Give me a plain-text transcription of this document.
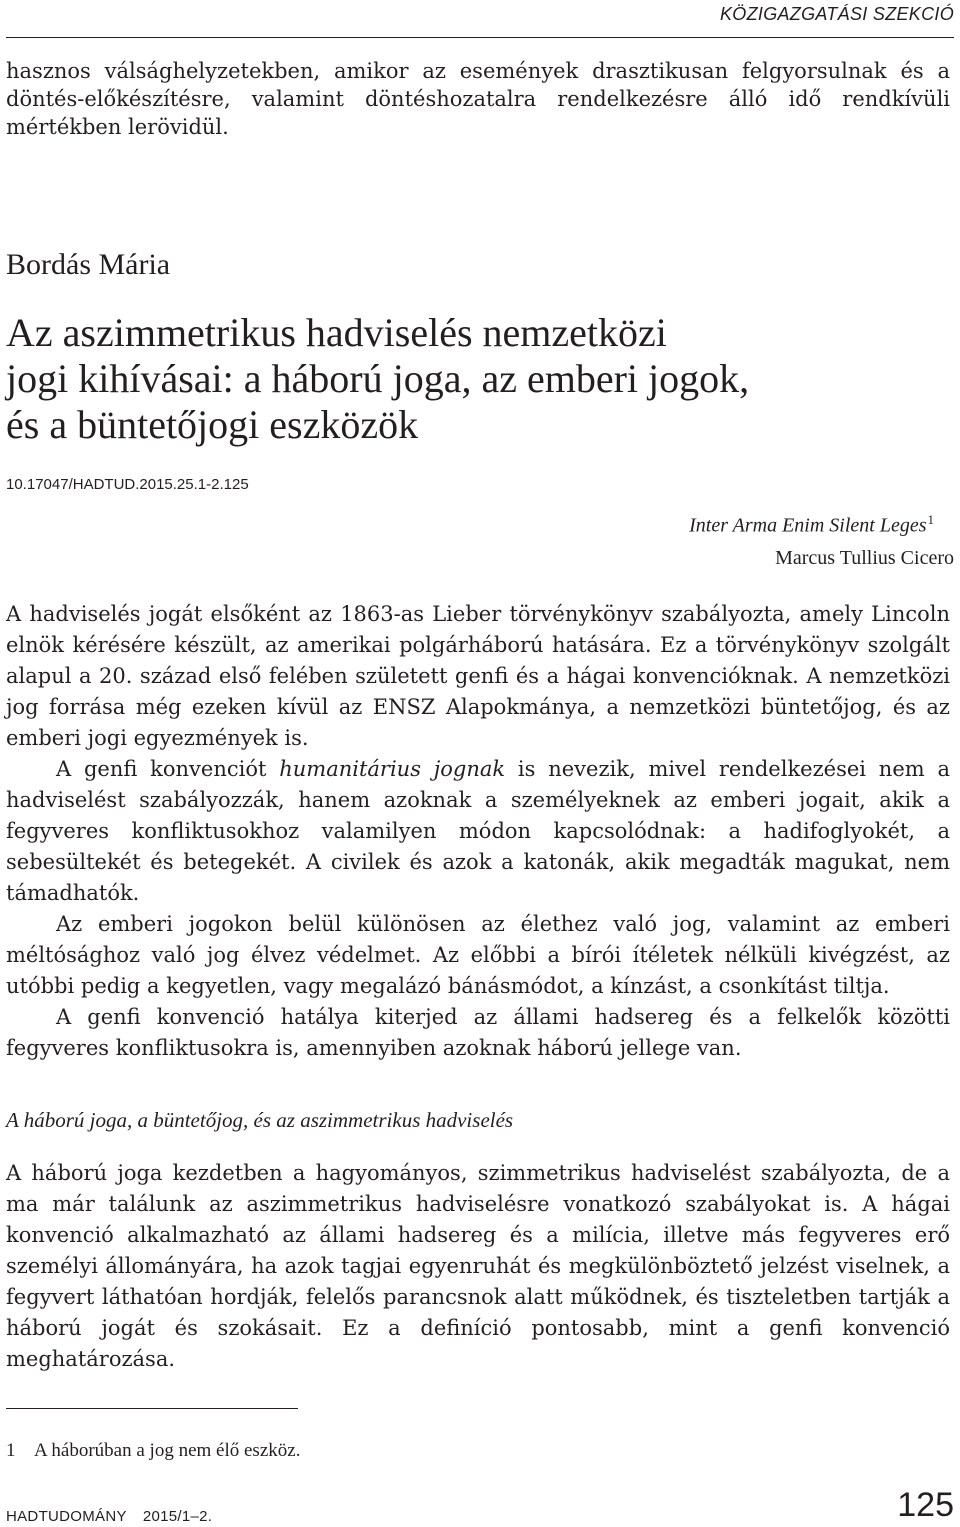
KÖZIGAZGATÁSI SZEKCIÓ

hasznos válsághelyzetekben, amikor az események drasztikusan felgyorsulnak és a döntés-előkészítésre, valamint döntéshozatalra rendelkezésre álló idő rendkívüli mértékben lerövidül.

Bordás Mária
Az aszimmetrikus hadviselés nemzetközi
jogi kihívásai: a háború joga, az emberi jogok,
és a büntetőjogi eszközök
10.17047/HADTUD.2015.25.1-2.125
Inter Arma Enim Silent Leges$^1$
Marcus Tullius Cicero

A hadviselés jogát elsőként az 1863-as Lieber törvénykönyv szabályozta, amely Lincoln elnök kérésére készült, az amerikai polgárháború hatására. Ez a törvénykönyv szolgált alapul a 20. század első felében született genfi és a hágai konvencióknak. A nemzetközi jog forrása még ezeken kívül az ENSZ Alapokmánya, a nemzetközi büntetőjog, és az emberi jogi egyezmények is.

A genfi konvenciót humanitárius jognak is nevezik, mivel rendelkezései nem a hadviselést szabályozzák, hanem azoknak a személyeknek az emberi jogait, akik a fegyveres konfliktusokhoz valamilyen módon kapcsolódnak: a hadifoglyokét, a sebesültekét és betegekét. A civilek és azok a katonák, akik megadták magukat, nem támadhatók.

Az emberi jogokon belül különösen az élethez való jog, valamint az emberi méltósághoz való jog élvez védelmet. Az előbbi a bírói ítéletek nélküli kivégzést, az utóbbi pedig a kegyetlen, vagy megalázó bánásmódot, a kínzást, a csonkítást tiltja.

A genfi konvenció hatálya kiterjed az állami hadsereg és a felkelők közötti fegyveres konfliktusokra is, amennyiben azoknak háború jellege van.

A háború joga, a büntetőjog, és az aszimmetrikus hadviselés

A háború joga kezdetben a hagyományos, szimmetrikus hadviselést szabályozta, de a ma már találunk az aszimmetrikus hadviselésre vonatkozó szabályokat is. A hágai konvenció alkalmazható az állami hadsereg és a milícia, illetve más fegyveres erő személyi állományára, ha azok tagjai egyenruhát és megkülönböztető jelzést viselnek, a fegyvert láthatóan hordják, felelős parancsnok alatt működnek, és tiszteletben tartják a háború jogát és szokásait. Ez a definíció pontosabb, mint a genfi konvenció meghatározása.

1 A háborúban a jog nem élő eszköz.
HADTUDOMÁNY 2015/1–2.	125
